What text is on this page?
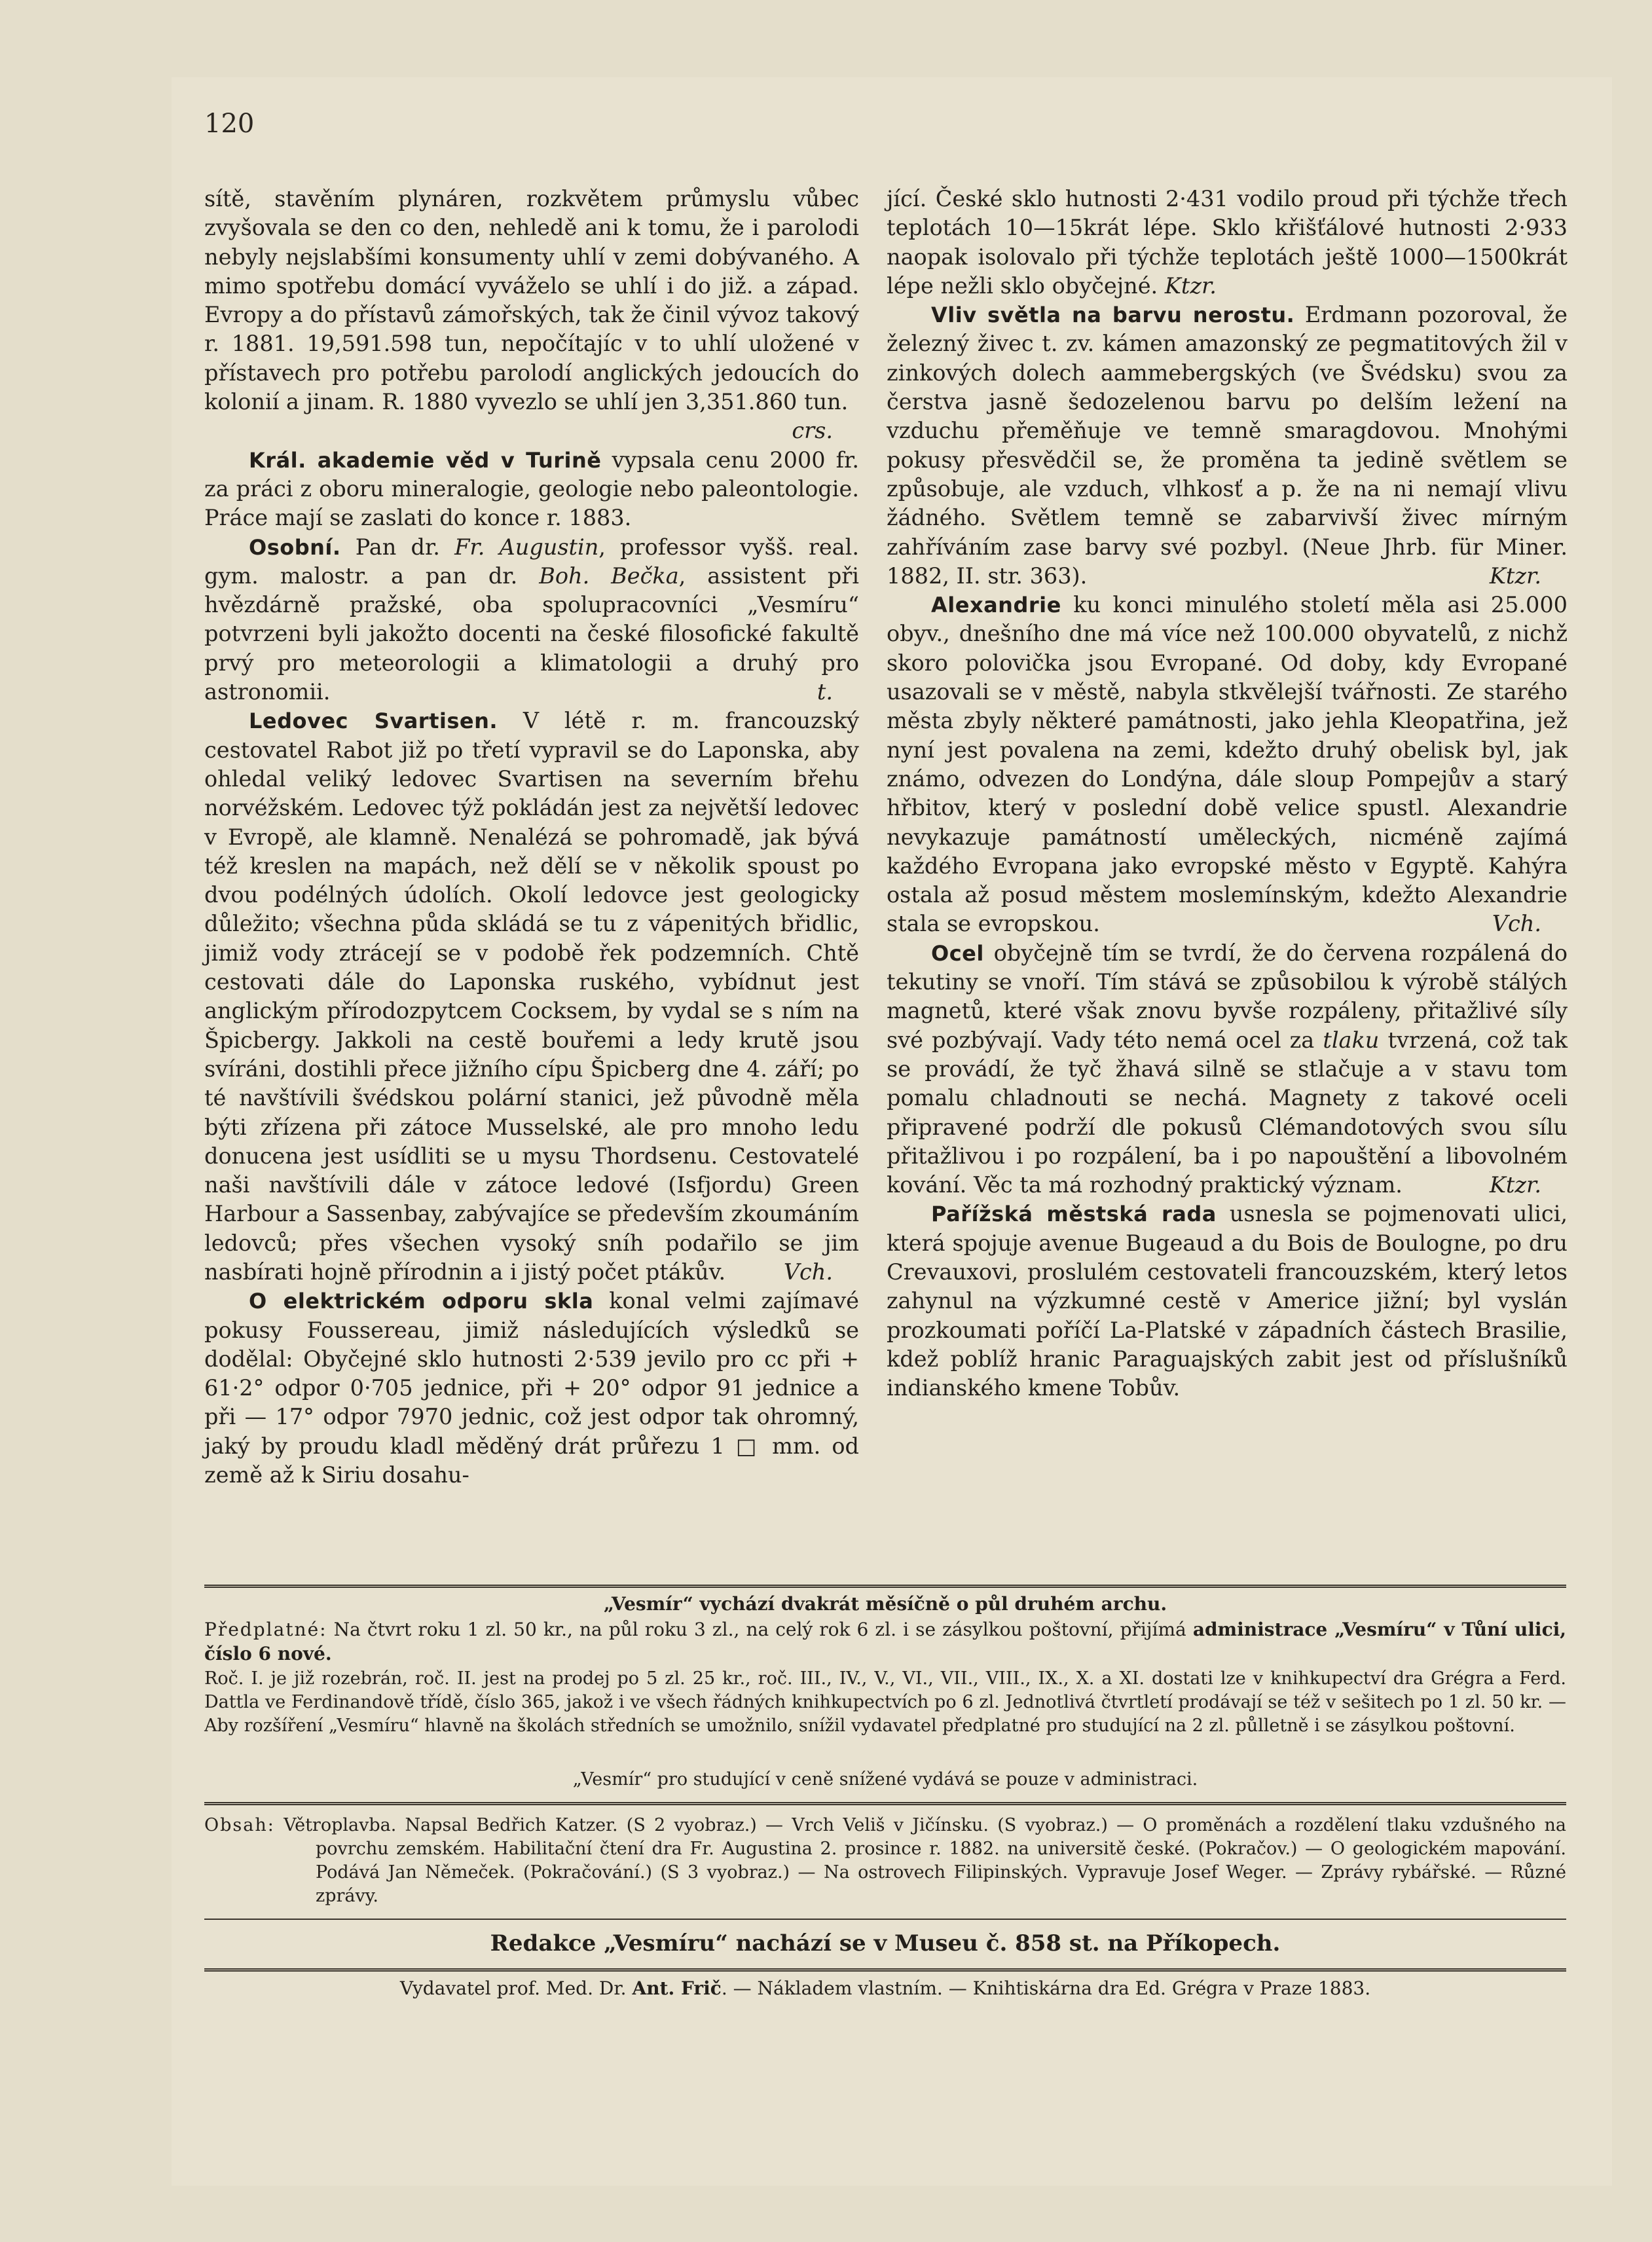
120

sítě, stavěním plynáren, rozkvětem průmyslu vůbec zvyšovala se den co den, nehledě ani k tomu, že i parolodi nebyly nejslabšími konsumenty uhlí v zemi dobývaného. A mimo spotřebu domácí vyváželo se uhlí i do již. a západ. Evropy a do přístavů zámořských, tak že činil vývoz takový r. 1881. 19,591.598 tun, nepočítajíc v to uhlí uložené v přístavech pro potřebu parolodí anglických jedoucích do kolonií a jinam. R. 1880 vyvezlo se uhlí jen 3,351.860 tun.

crs.

Král. akademie věd v Turině vypsala cenu 2000 fr. za práci z oboru mineralogie, geologie nebo paleontologie. Práce mají se zaslati do konce r. 1883.

Osobní. Pan dr. Fr. Augustin, professor vyšš. real. gym. malostr. a pan dr. Boh. Bečka, assistent při hvězdárně pražské, oba spolupracovníci „Vesmíru“ potvrzeni byli jakožto docenti na české filosofické fakultě prvý pro meteorologii a klimatologii a druhý pro astronomii.	t.

Ledovec Svartisen. V létě r. m. francouzský cestovatel Rabot již po třetí vypravil se do Laponska, aby ohledal veliký ledovec Svartisen na severním břehu norvéžském. Ledovec týž pokládán jest za největší ledovec v Evropě, ale klamně. Nenalézá se pohromadě, jak bývá též kreslen na mapách, než dělí se v několik spoust po dvou podélných údolích. Okolí ledovce jest geologicky důležito; všechna půda skládá se tu z vápenitých břidlic, jimiž vody ztrácejí se v podobě řek podzemních. Chtě cestovati dále do Laponska ruského, vybídnut jest anglickým přírodozpytcem Cocksem, by vydal se s ním na Špicbergy. Jakkoli na cestě bouřemi a ledy krutě jsou svíráni, dostihli přece jižního cípu Špicberg dne 4. září; po té navštívili švédskou polární stanici, jež původně měla býti zřízena při zátoce Musselské, ale pro mnoho ledu donucena jest usídliti se u mysu Thordsenu. Cestovatelé naši navštívili dále v zátoce ledové (Isfjordu) Green Harbour a Sassenbay, zabývajíce se především zkoumáním ledovců; přes všechen vysoký sníh podařilo se jim nasbírati hojně přírodnin a i jistý počet ptákův.	Vch.

O elektrickém odporu skla konal velmi zajímavé pokusy Foussereau, jimiž následujících výsledků se dodělal: Obyčejné sklo hutnosti 2·539 jevilo pro cc při + 61·2° odpor 0·705 jednice, při + 20° odpor 91 jednice a při — 17° odpor 7970 jednic, což jest odpor tak ohromný, jaký by proudu kladl měděný drát průřezu 1 □ mm. od země až k Siriu dosahu-

jící. České sklo hutnosti 2·431 vodilo proud při týchže třech teplotách 10—15krát lépe. Sklo křišťálové hutnosti 2·933 naopak isolovalo při týchže teplotách ještě 1000—1500krát lépe nežli sklo obyčejné. Ktzr.

Vliv světla na barvu nerostu. Erdmann pozoroval, že železný živec t. zv. kámen amazonský ze pegmatitových žil v zinkových dolech aammebergských (ve Švédsku) svou za čerstva jasně šedozelenou barvu po delším ležení na vzduchu přeměňuje ve temně smaragdovou. Mnohými pokusy přesvědčil se, že proměna ta jedině světlem se způsobuje, ale vzduch, vlhkosť a p. že na ni nemají vlivu žádného. Světlem temně se zabarvivší živec mírným zahříváním zase barvy své pozbyl. (Neue Jhrb. für Miner. 1882, II. str. 363).	Ktzr.

Alexandrie ku konci minulého století měla asi 25.000 obyv., dnešního dne má více než 100.000 obyvatelů, z nichž skoro polovička jsou Evropané. Od doby, kdy Evropané usazovali se v městě, nabyla stkvělejší tvářnosti. Ze starého města zbyly některé památnosti, jako jehla Kleopatřina, jež nyní jest povalena na zemi, kdežto druhý obelisk byl, jak známo, odvezen do Londýna, dále sloup Pompejův a starý hřbitov, který v poslední době velice spustl. Alexandrie nevykazuje památností uměleckých, nicméně zajímá každého Evropana jako evropské město v Egyptě. Kahýra ostala až posud městem moslemínským, kdežto Alexandrie stala se evropskou.	Vch.

Ocel obyčejně tím se tvrdí, že do červena rozpálená do tekutiny se vnoří. Tím stává se způsobilou k výrobě stálých magnetů, které však znovu byvše rozpáleny, přitažlivé síly své pozbývají. Vady této nemá ocel za tlaku tvrzená, což tak se provádí, že tyč žhavá silně se stlačuje a v stavu tom pomalu chladnouti se nechá. Magnety z takové oceli připravené podrží dle pokusů Clémandotových svou sílu přitažlivou i po rozpálení, ba i po napouštění a libovolném kování. Věc ta má rozhodný praktický význam.	Ktzr.

Pařížská městská rada usnesla se pojmenovati ulici, která spojuje avenue Bugeaud a du Bois de Boulogne, po dru Crevauxovi, proslulém cestovateli francouzském, který letos zahynul na výzkumné cestě v Americe jižní; byl vyslán prozkoumati poříčí La-Platské v západních částech Brasilie, kdež poblíž hranic Paraguajských zabit jest od příslušníků indianského kmene Tobův.

„Vesmír“ vychází dvakrát měsíčně o půl druhém archu.
Předplatné: Na čtvrt roku 1 zl. 50 kr., na půl roku 3 zl., na celý rok 6 zl. i se zásylkou poštovní, přijímá administrace „Vesmíru“ v Tůní ulici, číslo 6 nové.
Roč. I. je již rozebrán, roč. II. jest na prodej po 5 zl. 25 kr., roč. III., IV., V., VI., VII., VIII., IX., X. a XI. dostati lze v knihkupectví dra Grégra a Ferd. Dattla ve Ferdinandově třídě, číslo 365, jakož i ve všech řádných knihkupectvích po 6 zl. Jednotlivá čtvrtletí prodávají se též v sešitech po 1 zl. 50 kr. — Aby rozšíření „Vesmíru“ hlavně na školách středních se umožnilo, snížil vydavatel předplatné pro studující na 2 zl. půlletně i se zásylkou poštovní.
„Vesmír“ pro studující v ceně snížené vydává se pouze v administraci.
Obsah: Větroplavba. Napsal Bedřich Katzer. (S 2 vyobraz.) — Vrch Veliš v Jičínsku. (S vyobraz.) — O proměnách a rozdělení tlaku vzdušného na povrchu zemském. Habilitační čtení dra Fr. Augustina 2. prosince r. 1882. na universitě české. (Pokračov.) — O geologickém mapování. Podává Jan Němeček. (Pokračování.) (S 3 vyobraz.) — Na ostrovech Filipinských. Vypravuje Josef Weger. — Zprávy rybářské. — Různé zprávy.
Redakce „Vesmíru“ nachází se v Museu č. 858 st. na Příkopech.
Vydavatel prof. Med. Dr. Ant. Frič. — Nákladem vlastním. — Knihtiskárna dra Ed. Grégra v Praze 1883.
